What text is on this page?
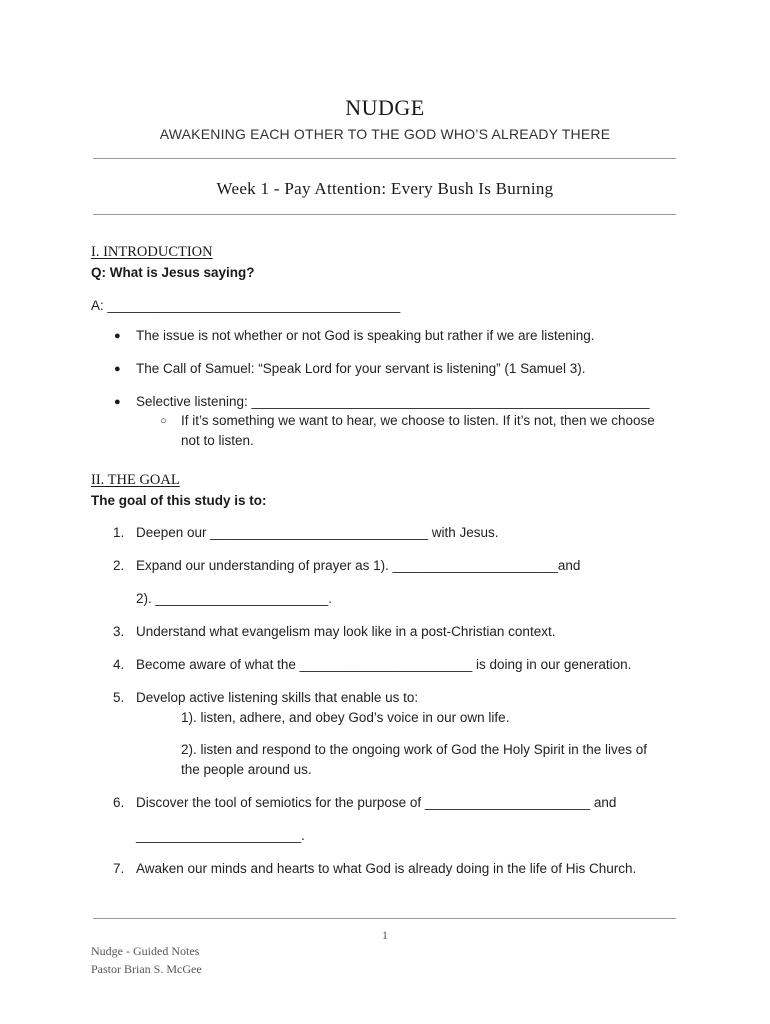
NUDGE
AWAKENING EACH OTHER TO THE GOD WHO’S ALREADY THERE
Week 1 - Pay Attention: Every Bush Is Burning
I. INTRODUCTION
Q: What is Jesus saying?
A: _______________________________________
● The issue is not whether or not God is speaking but rather if we are listening.
● The Call of Samuel: “Speak Lord for your servant is listening” (1 Samuel 3).
● Selective listening: _____________________________________________________
○ If it’s something we want to hear, we choose to listen. If it’s not, then we choose
not to listen.
II. THE GOAL
The goal of this study is to:
1. Deepen our _____________________________ with Jesus.
2. Expand our understanding of prayer as 1). ______________________and
2). _______________________.
3. Understand what evangelism may look like in a post-Christian context.
4. Become aware of what the _______________________ is doing in our generation.
5. Develop active listening skills that enable us to:
1). listen, adhere, and obey God’s voice in our own life.
2). listen and respond to the ongoing work of God the Holy Spirit in the lives of
the people around us.
6. Discover the tool of semiotics for the purpose of ______________________ and
______________________.
7. Awaken our minds and hearts to what God is already doing in the life of His Church.
1
Nudge - Guided Notes
Pastor Brian S. McGee
